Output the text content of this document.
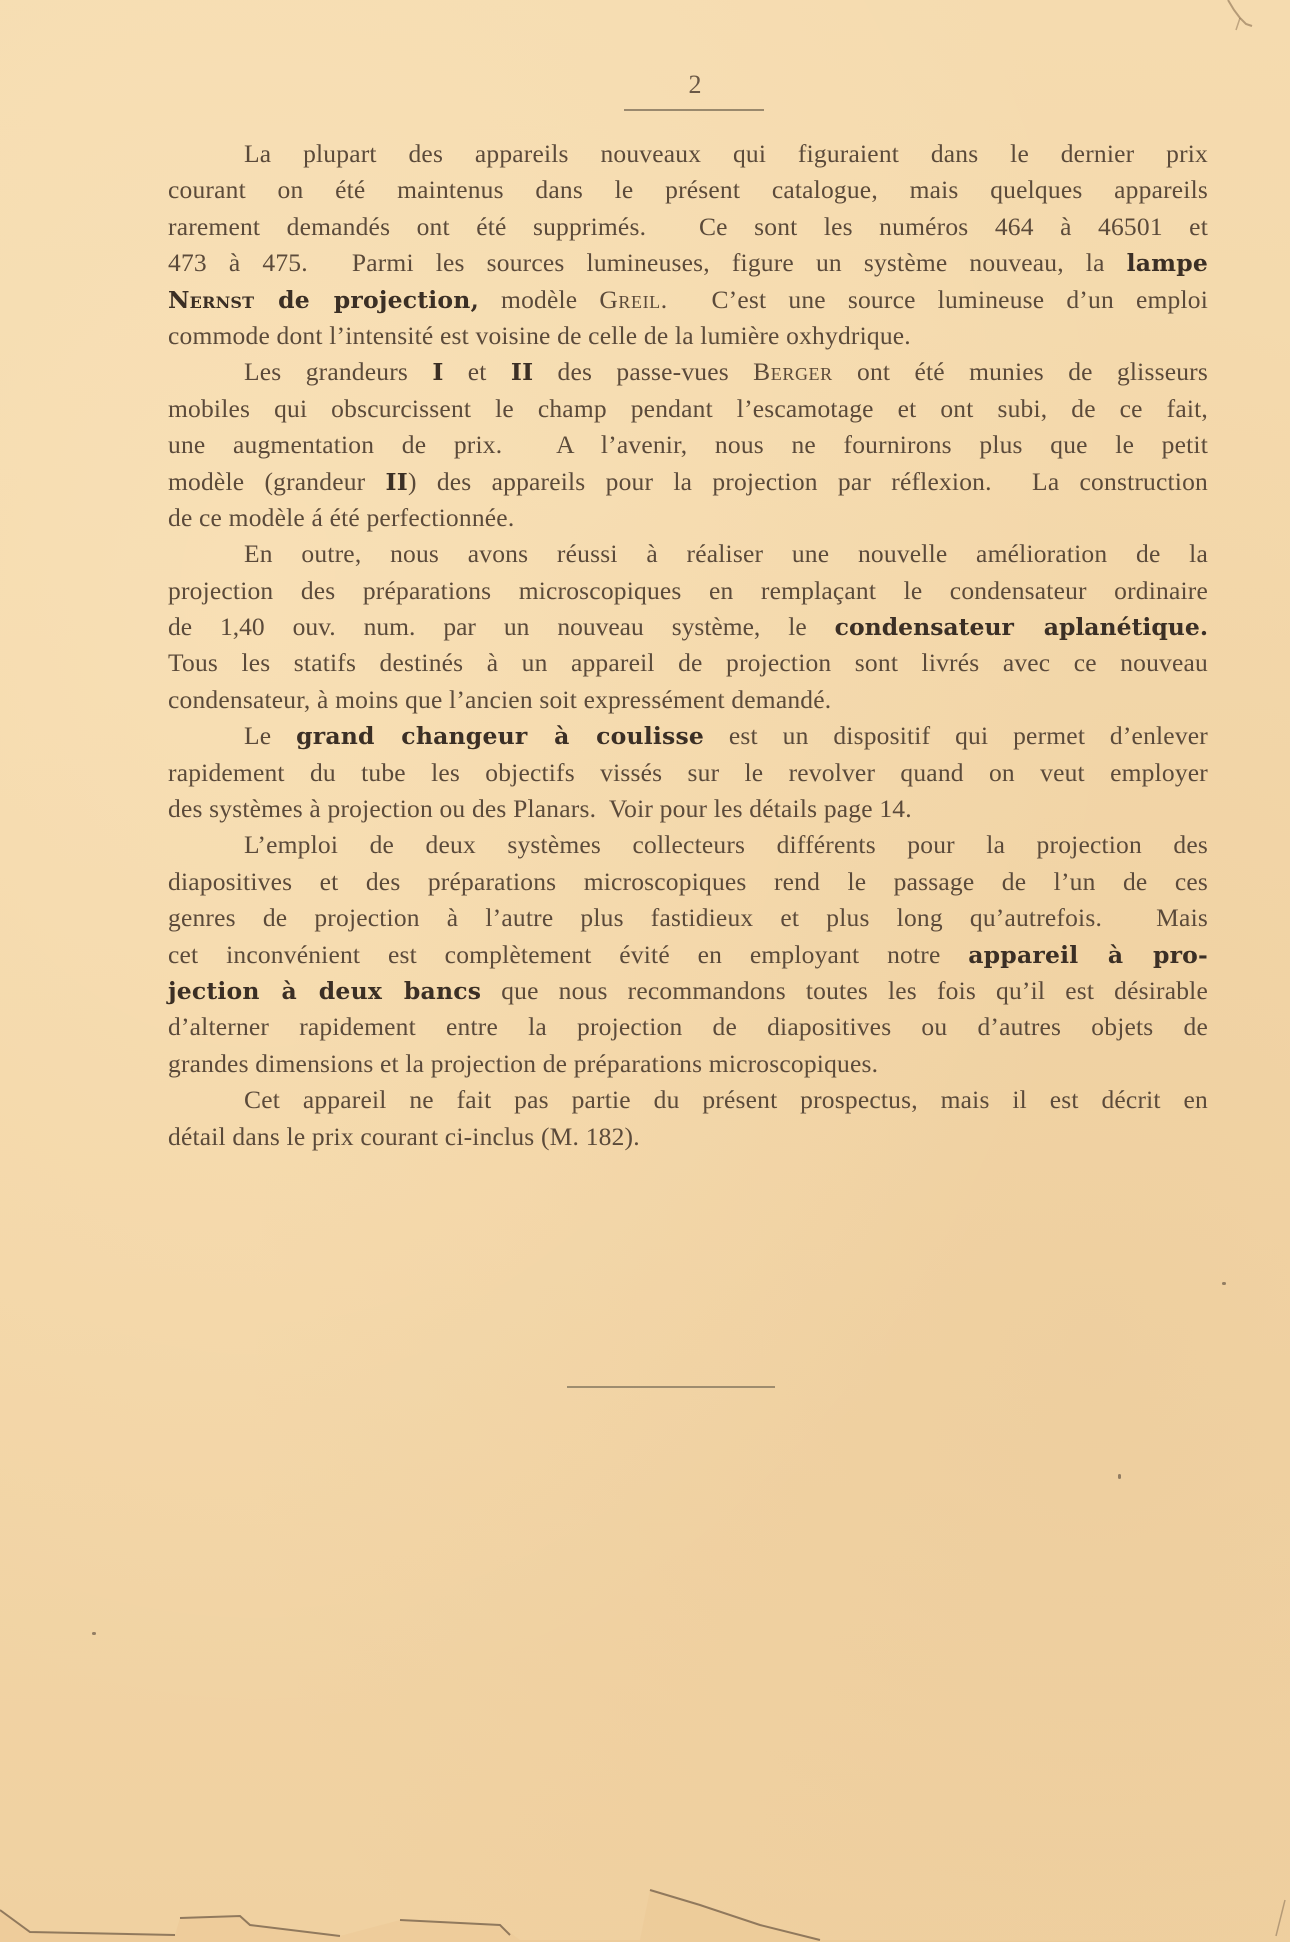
2
La plupart des appareils nouveaux qui figuraient dans le dernier prix
courant on été maintenus dans le présent catalogue, mais quelques appareils
rarement demandés ont été supprimés.  Ce sont les numéros 464 à 46501 et
473 à 475.  Parmi les sources lumineuses, figure un système nouveau, la lampe
Nernst de projection, modèle Greil.  C’est une source lumineuse d’un emploi
commode dont l’intensité est voisine de celle de la lumière oxhydrique.
Les grandeurs I et II des passe-vues Berger ont été munies de glisseurs
mobiles qui obscurcissent le champ pendant l’escamotage et ont subi, de ce fait,
une augmentation de prix.  A l’avenir, nous ne fournirons plus que le petit
modèle (grandeur II) des appareils pour la projection par réflexion.  La construction
de ce modèle á été perfectionnée.
En outre, nous avons réussi à réaliser une nouvelle amélioration de la
projection des préparations microscopiques en remplaçant le condensateur ordinaire
de 1,40 ouv. num. par un nouveau système, le condensateur aplanétique.
Tous les statifs destinés à un appareil de projection sont livrés avec ce nouveau
condensateur, à moins que l’ancien soit expressément demandé.
Le grand changeur à coulisse est un dispositif qui permet d’enlever
rapidement du tube les objectifs vissés sur le revolver quand on veut employer
des systèmes à projection ou des Planars.  Voir pour les détails page 14.
L’emploi de deux systèmes collecteurs différents pour la projection des
diapositives et des préparations microscopiques rend le passage de l’un de ces
genres de projection à l’autre plus fastidieux et plus long qu’autrefois.  Mais
cet inconvénient est complètement évité en employant notre appareil à pro-
jection à deux bancs que nous recommandons toutes les fois qu’il est désirable
d’alterner rapidement entre la projection de diapositives ou d’autres objets de
grandes dimensions et la projection de préparations microscopiques.
Cet appareil ne fait pas partie du présent prospectus, mais il est décrit en
détail dans le prix courant ci-inclus (M. 182).
